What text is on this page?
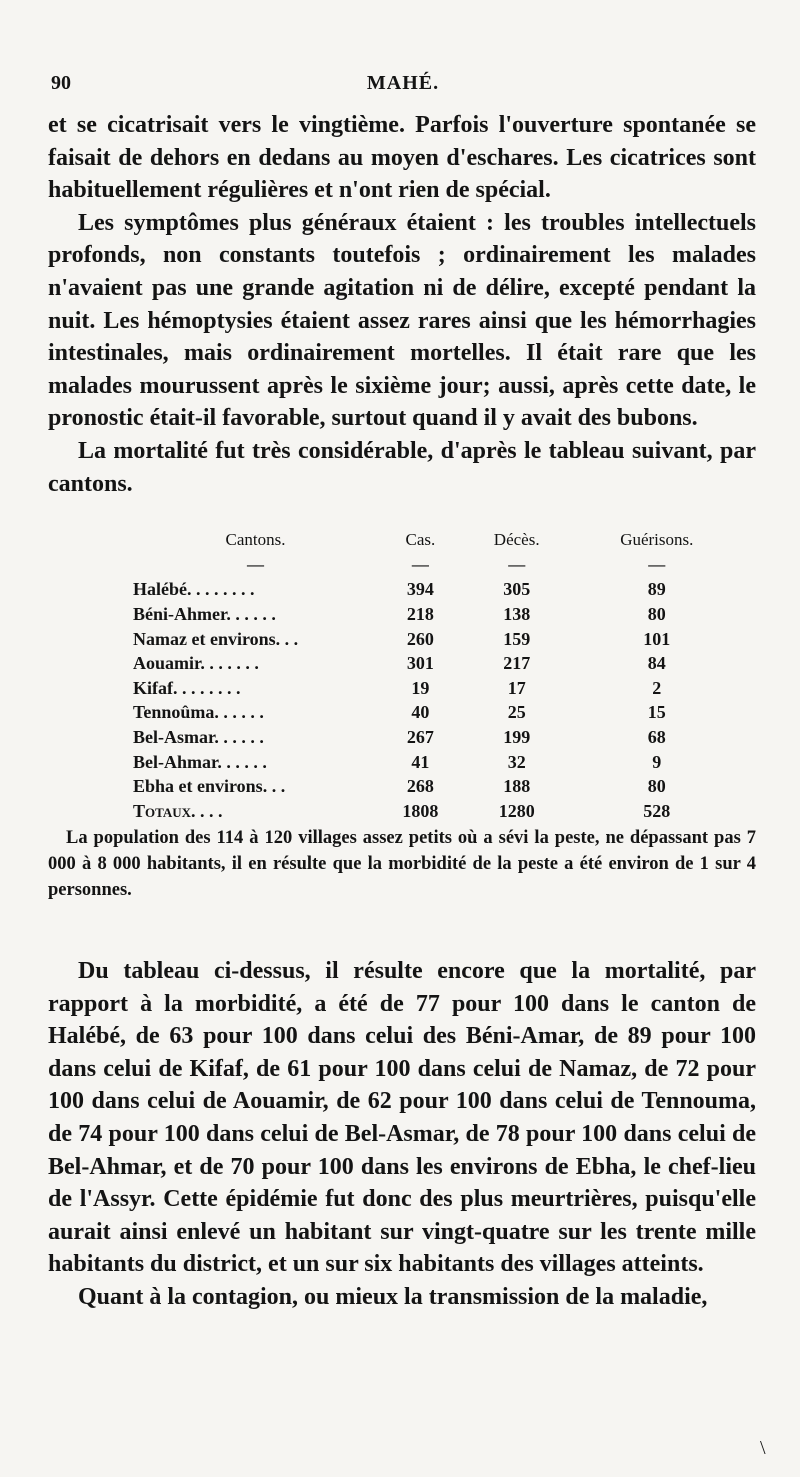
90	MAHÉ.

et se cicatrisait vers le vingtième. Parfois l'ouverture spontanée se faisait de dehors en dedans au moyen d'eschares. Les cicatrices sont habituellement régulières et n'ont rien de spécial.

Les symptômes plus généraux étaient : les troubles intellectuels profonds, non constants toutefois ; ordinairement les malades n'avaient pas une grande agitation ni de délire, excepté pendant la nuit. Les hémoptysies étaient assez rares ainsi que les hémorrhagies intestinales, mais ordinairement mortelles. Il était rare que les malades mourussent après le sixième jour; aussi, après cette date, le pronostic était-il favorable, surtout quand il y avait des bubons.

La mortalité fut très considérable, d'après le tableau suivant, par cantons.

Cantons.	Cas.	Décès.	Guérisons.
—	—	—	—
Halébé. . . . . . . .	394	305	89
Béni-Ahmer. . . . . .	218	138	80
Namaz et environs. . .	260	159	101
Aouamir. . . . . . .	301	217	84
Kifaf. . . . . . . .	19	17	2
Tennoûma. . . . . .	40	25	15
Bel-Asmar. . . . . .	267	199	68
Bel-Ahmar. . . . . .	41	32	9
Ebha et environs. . .	268	188	80
Totaux. . . .	1808	1280	528

La population des 114 à 120 villages assez petits où a sévi la peste, ne dépassant pas 7 000 à 8 000 habitants, il en résulte que la morbidité de la peste a été environ de 1 sur 4 personnes.

Du tableau ci-dessus, il résulte encore que la mortalité, par rapport à la morbidité, a été de 77 pour 100 dans le canton de Halébé, de 63 pour 100 dans celui des Béni-Amar, de 89 pour 100 dans celui de Kifaf, de 61 pour 100 dans celui de Namaz, de 72 pour 100 dans celui de Aouamir, de 62 pour 100 dans celui de Tennouma, de 74 pour 100 dans celui de Bel-Asmar, de 78 pour 100 dans celui de Bel-Ahmar, et de 70 pour 100 dans les environs de Ebha, le chef-lieu de l'Assyr. Cette épidémie fut donc des plus meurtrières, puisqu'elle aurait ainsi enlevé un habitant sur vingt-quatre sur les trente mille habitants du district, et un sur six habitants des villages atteints.

Quant à la contagion, ou mieux la transmission de la maladie,

\
